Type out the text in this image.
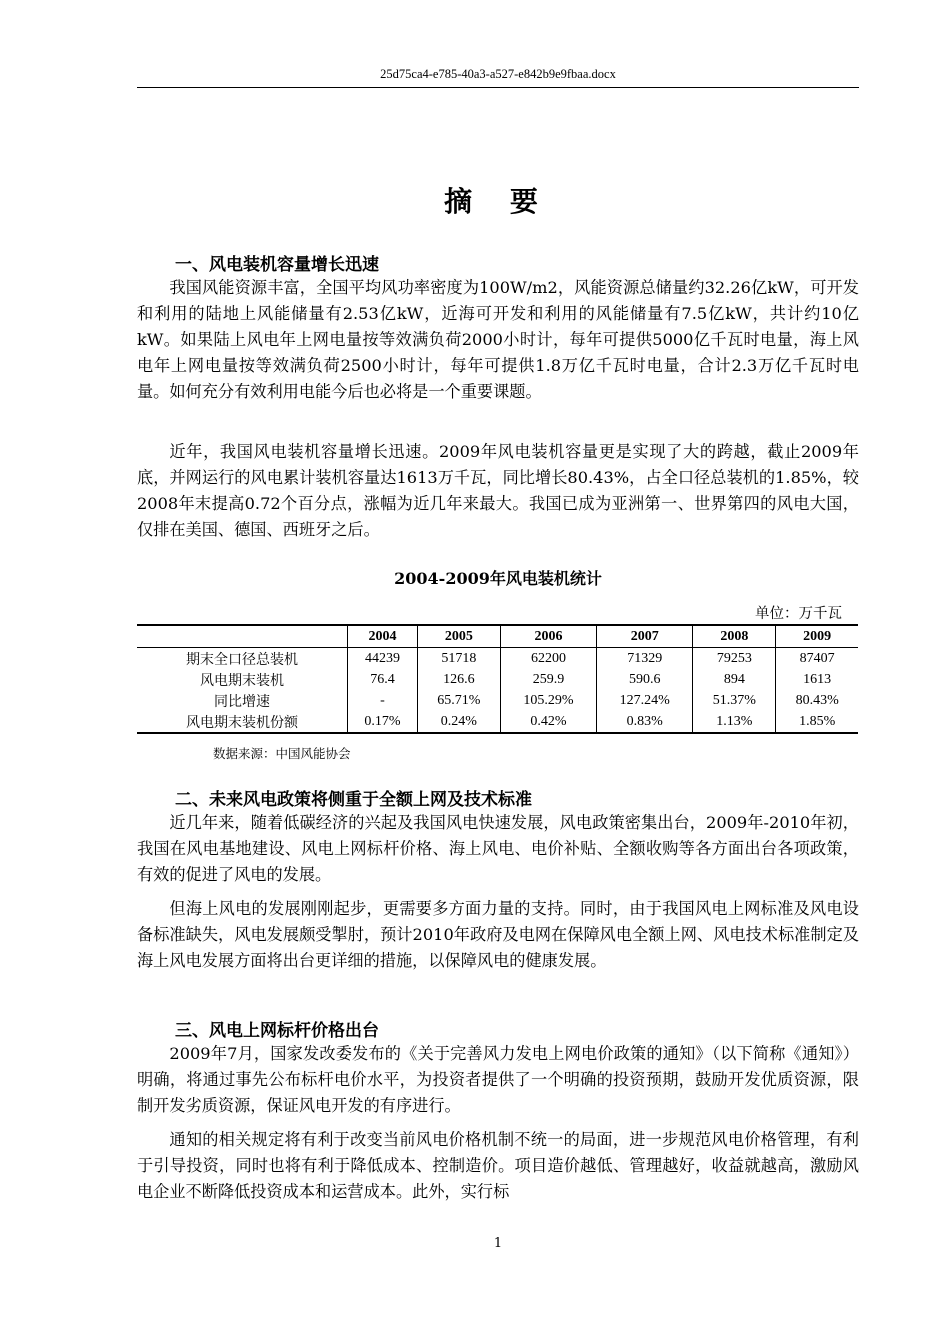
25d75ca4-e785-40a3-a527-e842b9e9fbaa.docx
摘 要
一、风电装机容量增长迅速

我国风能资源丰富，全国平均风功率密度为100W/m2，风能资源总储量约32.26亿kW，可开发和利用的陆地上风能储量有2.53亿kW，近海可开发和利用的风能储量有7.5亿kW，共计约10亿kW。如果陆上风电年上网电量按等效满负荷2000小时计，每年可提供5000亿千瓦时电量，海上风电年上网电量按等效满负荷2500小时计，每年可提供1.8万亿千瓦时电量，合计2.3万亿千瓦时电量。如何充分有效利用电能今后也必将是一个重要课题。

近年，我国风电装机容量增长迅速。2009年风电装机容量更是实现了大的跨越，截止2009年底，并网运行的风电累计装机容量达1613万千瓦，同比增长80.43%，占全口径总装机的1.85%，较2008年末提高0.72个百分点，涨幅为近几年来最大。我国已成为亚洲第一、世界第四的风电大国，仅排在美国、德国、西班牙之后。

2004-2009年风电装机统计
单位：万千瓦
	2004	2005	2006	2007	2008	2009
期末全口径总装机	44239	51718	62200	71329	79253	87407
风电期末装机	76.4	126.6	259.9	590.6	894	1613
同比增速	-	65.71%	105.29%	127.24%	51.37%	80.43%
风电期末装机份额	0.17%	0.24%	0.42%	0.83%	1.13%	1.85%
数据来源：中国风能协会
二、未来风电政策将侧重于全额上网及技术标准

近几年来，随着低碳经济的兴起及我国风电快速发展，风电政策密集出台，2009年-2010年初，我国在风电基地建设、风电上网标杆价格、海上风电、电价补贴、全额收购等各方面出台各项政策，有效的促进了风电的发展。

但海上风电的发展刚刚起步，更需要多方面力量的支持。同时，由于我国风电上网标准及风电设备标准缺失，风电发展颇受掣肘，预计2010年政府及电网在保障风电全额上网、风电技术标准制定及海上风电发展方面将出台更详细的措施，以保障风电的健康发展。

三、风电上网标杆价格出台

2009年7月，国家发改委发布的《关于完善风力发电上网电价政策的通知》（以下简称《通知》）明确，将通过事先公布标杆电价水平，为投资者提供了一个明确的投资预期，鼓励开发优质资源，限制开发劣质资源，保证风电开发的有序进行。

通知的相关规定将有利于改变当前风电价格机制不统一的局面，进一步规范风电价格管理，有利于引导投资，同时也将有利于降低成本、控制造价。项目造价越低、管理越好，收益就越高，激励风电企业不断降低投资成本和运营成本。此外，实行标

1
